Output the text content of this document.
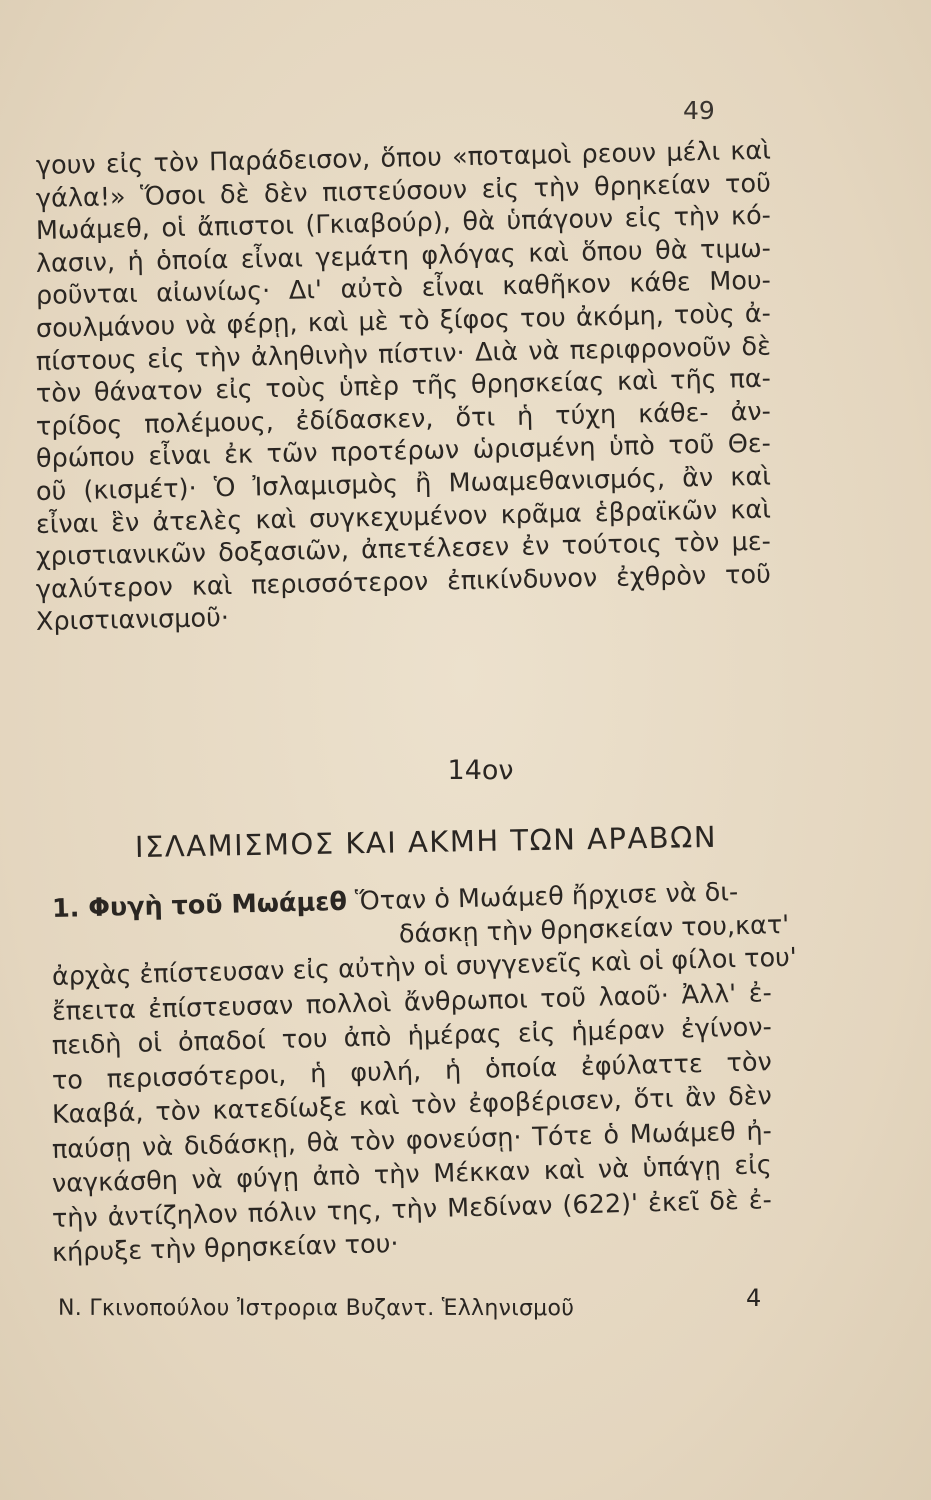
49
γουν εἰς τὸν Παράδεισον, ὅπου «ποταμοὶ ρεουν μέλι καὶ
γάλα!» Ὅσοι δὲ δὲν πιστεύσουν εἰς τὴν θρηκείαν τοῦ
Μωάμεθ, οἱ ἄπιστοι (Γκιαβούρ), θὰ ὑπάγουν εἰς τὴν κό-
λασιν, ἡ ὁποία εἶναι γεμάτη φλόγας καὶ ὅπου θὰ τιμω-
ροῦνται αἰωνίως· Δι' αὐτὸ εἶναι καθῆκον κάθε Μου-
σουλμάνου νὰ φέρῃ, καὶ μὲ τὸ ξίφος του ἀκόμη, τοὺς ἀ-
πίστους εἰς τὴν ἀληθινὴν πίστιν· Διὰ νὰ περιφρονοῦν δὲ
τὸν θάνατον εἰς τοὺς ὑπὲρ τῆς θρησκείας καὶ τῆς πα-
τρίδος πολέμους, ἐδίδασκεν, ὅτι ἡ τύχη κάθε- ἀν-
θρώπου εἶναι ἐκ τῶν προτέρων ὡρισμένη ὑπὸ τοῦ Θε-
οῦ (κισμέτ)· Ὁ Ἰσλαμισμὸς ἢ Μωαμεθανισμός, ἂν καὶ
εἶναι ἓν ἀτελὲς καὶ συγκεχυμένον κρᾶμα ἑβραϊκῶν καὶ
χριστιανικῶν δοξασιῶν, ἀπετέλεσεν ἐν τούτοις τὸν με-
γαλύτερον καὶ περισσότερον ἐπικίνδυνον ἐχθρὸν τοῦ
Χριστιανισμοῦ·
14ον
ΙΣΛΑΜΙΣΜΟΣ ΚΑΙ ΑΚΜΗ ΤΩΝ ΑΡΑΒΩΝ
1. Φυγὴ τοῦ Μωάμεθ Ὅταν ὁ Μωάμεθ ἤρχισε νὰ δι-
δάσκῃ τὴν θρησκείαν του,κατ'
ἀρχὰς ἐπίστευσαν εἰς αὐτὴν οἱ συγγενεῖς καὶ οἱ φίλοι του'
ἔπειτα ἐπίστευσαν πολλοὶ ἄνθρωποι τοῦ λαοῦ· Ἀλλ' ἐ-
πειδὴ οἱ ὀπαδοί του ἀπὸ ἡμέρας εἰς ἡμέραν ἐγίνον-
το περισσότεροι, ἡ φυλή, ἡ ὁποία ἐφύλαττε τὸν
Κααβά, τὸν κατεδίωξε καὶ τὸν ἐφοβέρισεν, ὅτι ἂν δὲν
παύσῃ νὰ διδάσκῃ, θὰ τὸν φονεύσῃ· Τότε ὁ Μωάμεθ ἠ-
ναγκάσθη νὰ φύγῃ ἀπὸ τὴν Μέκκαν καὶ νὰ ὑπάγῃ εἰς
τὴν ἀντίζηλον πόλιν της, τὴν Μεδίναν (622)' ἐκεῖ δὲ ἐ-
κήρυξε τὴν θρησκείαν του·
Ν. Γκινοπούλου Ἰστρορια Βυζαντ. Ἑλληνισμοῦ	4
